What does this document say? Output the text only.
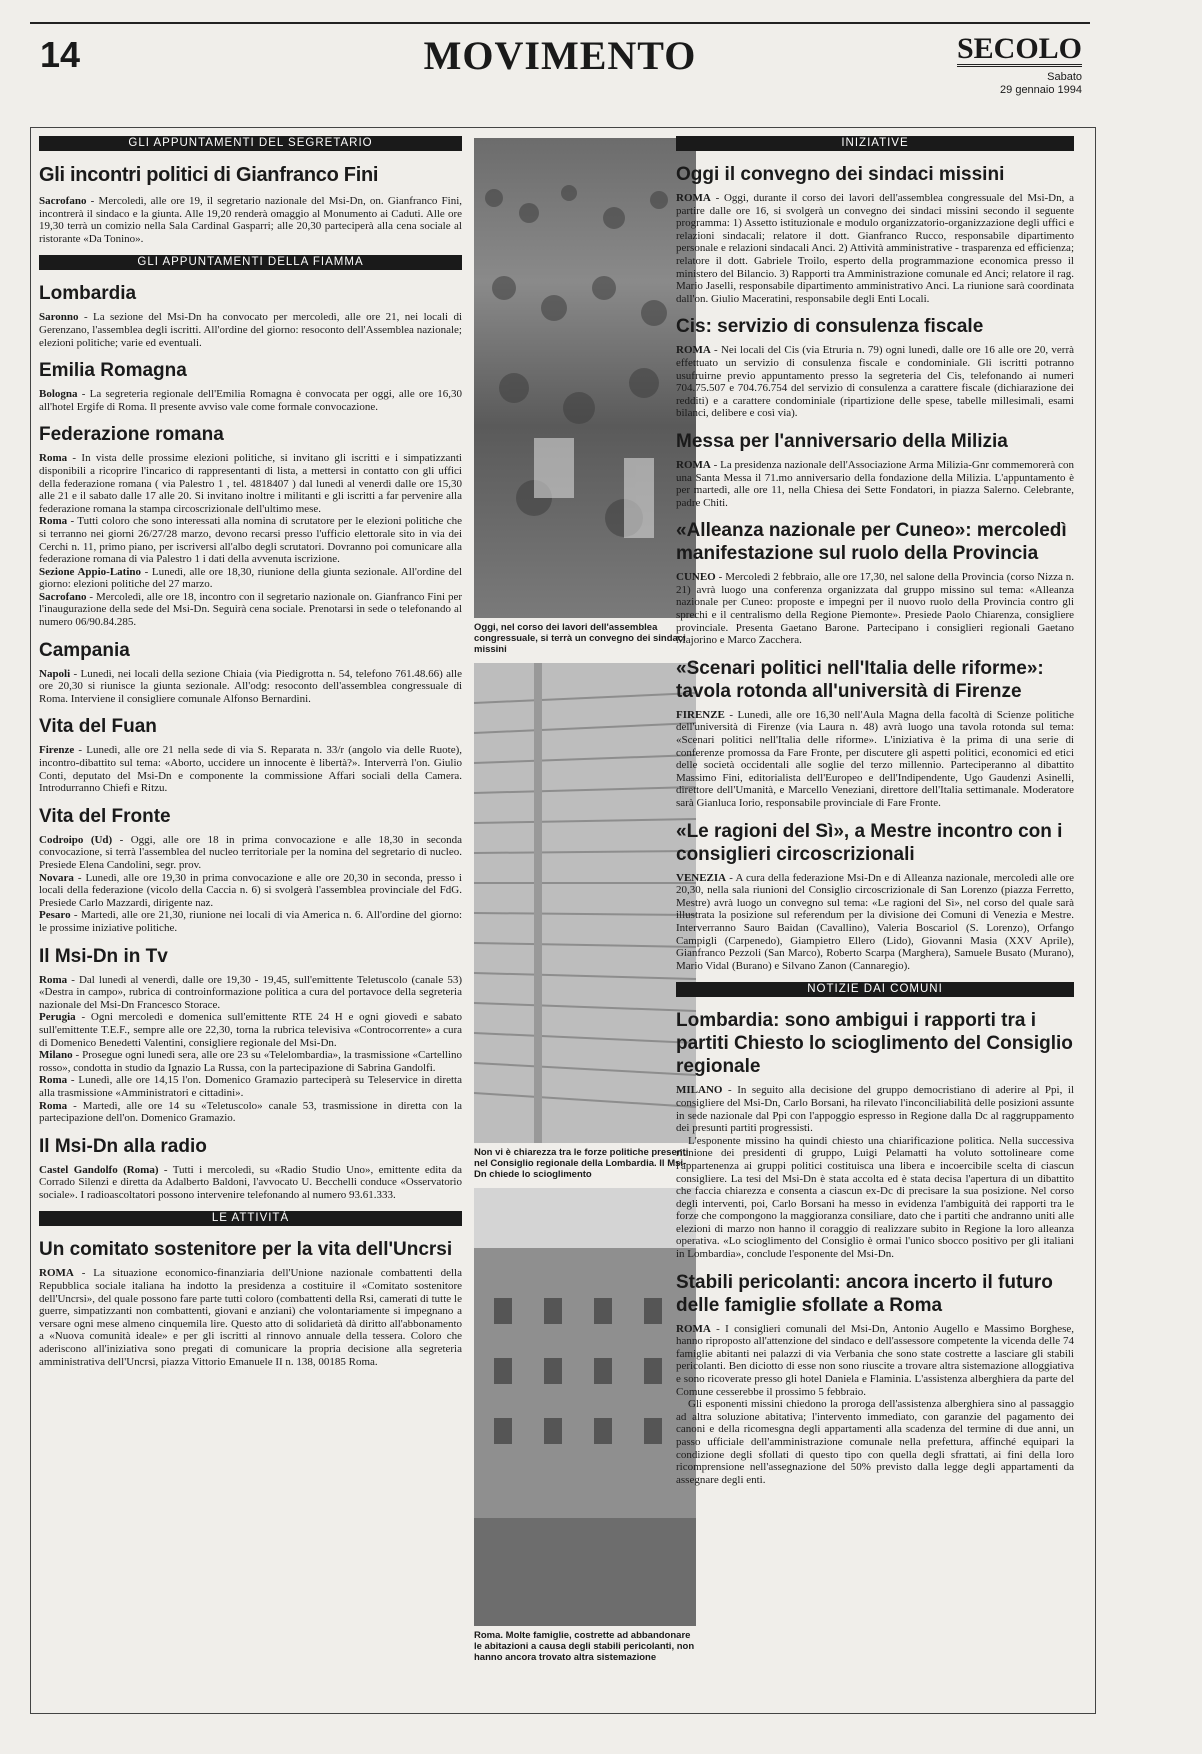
14	MOVIMENTO	SECOLO
Sabato
29 gennaio 1994
GLI APPUNTAMENTI DEL SEGRETARIO
Gli incontri politici di Gianfranco Fini

Sacrofano - Mercoledì, alle ore 19, il segretario nazionale del Msi-Dn, on. Gianfranco Fini, incontrerà il sindaco e la giunta. Alle 19,20 renderà omaggio al Monumento ai Caduti. Alle ore 19,30 terrà un comizio nella Sala Cardinal Gasparri; alle 20,30 parteciperà alla cena sociale al ristorante «Da Tonino».

GLI APPUNTAMENTI DELLA FIAMMA
Lombardia

Saronno - La sezione del Msi-Dn ha convocato per mercoledì, alle ore 21, nei locali di Gerenzano, l'assemblea degli iscritti. All'ordine del giorno: resoconto dell'Assemblea nazionale; elezioni politiche; varie ed eventuali.

Emilia Romagna

Bologna - La segreteria regionale dell'Emilia Romagna è convocata per oggi, alle ore 16,30 all'hotel Ergife di Roma. Il presente avviso vale come formale convocazione.

Federazione romana

Roma - In vista delle prossime elezioni politiche, si invitano gli iscritti e i simpatizzanti disponibili a ricoprire l'incarico di rappresentanti di lista, a mettersi in contatto con gli uffici della federazione romana ( via Palestro 1 , tel. 4818407 ) dal lunedì al venerdì dalle ore 15,30 alle 21 e il sabato dalle 17 alle 20. Si invitano inoltre i militanti e gli iscritti a far pervenire alla federazione romana la stampa circoscrizionale dell'ultimo mese.

Roma - Tutti coloro che sono interessati alla nomina di scrutatore per le elezioni politiche che si terranno nei giorni 26/27/28 marzo, devono recarsi presso l'ufficio elettorale sito in via dei Cerchi n. 11, primo piano, per iscriversi all'albo degli scrutatori. Dovranno poi comunicare alla federazione romana di via Palestro 1 i dati della avvenuta iscrizione.

Sezione Appio-Latino - Lunedì, alle ore 18,30, riunione della giunta sezionale. All'ordine del giorno: elezioni politiche del 27 marzo.

Sacrofano - Mercoledì, alle ore 18, incontro con il segretario nazionale on. Gianfranco Fini per l'inaugurazione della sede del Msi-Dn. Seguirà cena sociale. Prenotarsi in sede o telefonando al numero 06/90.84.285.

Campania

Napoli - Lunedì, nei locali della sezione Chiaia (via Piedigrotta n. 54, telefono 761.48.66) alle ore 20,30 si riunisce la giunta sezionale. All'odg: resoconto dell'assemblea congressuale di Roma. Interviene il consigliere comunale Alfonso Bernardini.

Vita del Fuan

Firenze - Lunedì, alle ore 21 nella sede di via S. Reparata n. 33/r (angolo via delle Ruote), incontro-dibattito sul tema: «Aborto, uccidere un innocente è libertà?». Interverrà l'on. Giulio Conti, deputato del Msi-Dn e componente la commissione Affari sociali della Camera. Introdurranno Chiefi e Ritzu.

Vita del Fronte

Codroipo (Ud) - Oggi, alle ore 18 in prima convocazione e alle 18,30 in seconda convocazione, si terrà l'assemblea del nucleo territoriale per la nomina del segretario di nucleo. Presiede Elena Candolini, segr. prov.

Novara - Lunedì, alle ore 19,30 in prima convocazione e alle ore 20,30 in seconda, presso i locali della federazione (vicolo della Caccia n. 6) si svolgerà l'assemblea provinciale del FdG. Presiede Carlo Mazzardi, dirigente naz.

Pesaro - Martedì, alle ore 21,30, riunione nei locali di via America n. 6. All'ordine del giorno: le prossime iniziative politiche.

Il Msi-Dn in Tv

Roma - Dal lunedì al venerdì, dalle ore 19,30 - 19,45, sull'emittente Teletuscolo (canale 53) «Destra in campo», rubrica di controinformazione politica a cura del portavoce della segreteria nazionale del Msi-Dn Francesco Storace.

Perugia - Ogni mercoledì e domenica sull'emittente RTE 24 H e ogni giovedì e sabato sull'emittente T.E.F., sempre alle ore 22,30, torna la rubrica televisiva «Controcorrente» a cura di Domenico Benedetti Valentini, consigliere regionale del Msi-Dn.

Milano - Prosegue ogni lunedì sera, alle ore 23 su «Telelombardia», la trasmissione «Cartellino rosso», condotta in studio da Ignazio La Russa, con la partecipazione di Sabrina Gandolfi.

Roma - Lunedì, alle ore 14,15 l'on. Domenico Gramazio parteciperà su Teleservice in diretta alla trasmissione «Amministratori e cittadini».

Roma - Martedì, alle ore 14 su «Teletuscolo» canale 53, trasmissione in diretta con la partecipazione dell'on. Domenico Gramazio.

Il Msi-Dn alla radio

Castel Gandolfo (Roma) - Tutti i mercoledì, su «Radio Studio Uno», emittente edita da Corrado Silenzi e diretta da Adalberto Baldoni, l'avvocato U. Becchelli conduce «Osservatorio sociale». I radioascoltatori possono intervenire telefonando al numero 93.61.333.

LE ATTIVITÀ
Un comitato sostenitore per la vita dell'Uncrsi

ROMA - La situazione economico-finanziaria dell'Unione nazionale combattenti della Repubblica sociale italiana ha indotto la presidenza a costituire il «Comitato sostenitore dell'Uncrsi», del quale possono fare parte tutti coloro (combattenti della Rsi, camerati di tutte le guerre, simpatizzanti non combattenti, giovani e anziani) che volontariamente si impegnano a versare ogni mese almeno cinquemila lire. Questo atto di solidarietà dà diritto all'abbonamento a «Nuova comunità ideale» e per gli iscritti al rinnovo annuale della tessera. Coloro che aderiscono all'iniziativa sono pregati di comunicare la propria decisione alla segreteria amministrativa dell'Uncrsi, piazza Vittorio Emanuele II n. 138, 00185 Roma.

Oggi, nel corso dei lavori dell'assemblea congressuale, si terrà un convegno dei sindaci missini
Non vi è chiarezza tra le forze politiche presenti nel Consiglio regionale della Lombardia. Il Msi-Dn chiede lo scioglimento
Roma. Molte famiglie, costrette ad abbandonare le abitazioni a causa degli stabili pericolanti, non hanno ancora trovato altra sistemazione
INIZIATIVE
Oggi il convegno dei sindaci missini

ROMA - Oggi, durante il corso dei lavori dell'assemblea congressuale del Msi-Dn, a partire dalle ore 16, si svolgerà un convegno dei sindaci missini secondo il seguente programma: 1) Assetto istituzionale e modulo organizzatorio-organizzazione degli uffici e relazioni sindacali; relatore il dott. Gianfranco Rucco, responsabile dipartimento personale e relazioni sindacali Anci. 2) Attività amministrative - trasparenza ed efficienza; relatore il dott. Gabriele Troilo, esperto della programmazione economica presso il ministero del Bilancio. 3) Rapporti tra Amministrazione comunale ed Anci; relatore il rag. Mario Jaselli, responsabile dipartimento amministrativo Anci. La riunione sarà coordinata dall'on. Giulio Maceratini, responsabile degli Enti Locali.

Cis: servizio di consulenza fiscale

ROMA - Nei locali del Cis (via Etruria n. 79) ogni lunedì, dalle ore 16 alle ore 20, verrà effettuato un servizio di consulenza fiscale e condominiale. Gli iscritti potranno usufruirne previo appuntamento presso la segreteria del Cis, telefonando ai numeri 704.75.507 e 704.76.754 del servizio di consulenza a carattere fiscale (dichiarazione dei redditi) e a carattere condominiale (ripartizione delle spese, tabelle millesimali, esami bilanci, delibere e così via).

Messa per l'anniversario della Milizia

ROMA - La presidenza nazionale dell'Associazione Arma Milizia-Gnr commemorerà con una Santa Messa il 71.mo anniversario della fondazione della Milizia. L'appuntamento è per martedì, alle ore 11, nella Chiesa dei Sette Fondatori, in piazza Salerno. Celebrante, padre Chiti.

«Alleanza nazionale per Cuneo»: mercoledì manifestazione sul ruolo della Provincia

CUNEO - Mercoledì 2 febbraio, alle ore 17,30, nel salone della Provincia (corso Nizza n. 21) avrà luogo una conferenza organizzata dal gruppo missino sul tema: «Alleanza nazionale per Cuneo: proposte e impegni per il nuovo ruolo della Provincia contro gli sprechi e il centralismo della Regione Piemonte». Presiede Paolo Chiarenza, consigliere provinciale. Presenta Gaetano Barone. Partecipano i consiglieri regionali Gaetano Majorino e Marco Zacchera.

«Scenari politici nell'Italia delle riforme»: tavola rotonda all'università di Firenze

FIRENZE - Lunedì, alle ore 16,30 nell'Aula Magna della facoltà di Scienze politiche dell'università di Firenze (via Laura n. 48) avrà luogo una tavola rotonda sul tema: «Scenari politici nell'Italia delle riforme». L'iniziativa è la prima di una serie di conferenze promossa da Fare Fronte, per discutere gli aspetti politici, economici ed etici delle società occidentali alle soglie del terzo millennio. Parteciperanno al dibattito Massimo Fini, editorialista dell'Europeo e dell'Indipendente, Ugo Gaudenzi Asinelli, direttore dell'Umanità, e Marcello Veneziani, direttore dell'Italia settimanale. Moderatore sarà Gianluca Iorio, responsabile provinciale di Fare Fronte.

«Le ragioni del Sì», a Mestre incontro con i consiglieri circoscrizionali

VENEZIA - A cura della federazione Msi-Dn e di Alleanza nazionale, mercoledì alle ore 20,30, nella sala riunioni del Consiglio circoscrizionale di San Lorenzo (piazza Ferretto, Mestre) avrà luogo un convegno sul tema: «Le ragioni del Sì», nel corso del quale sarà illustrata la posizione sul referendum per la divisione dei Comuni di Venezia e Mestre. Interverranno Sauro Baidan (Cavallino), Valeria Boscariol (S. Lorenzo), Orfango Campigli (Carpenedo), Giampietro Ellero (Lido), Giovanni Masia (XXV Aprile), Gianfranco Pezzoli (San Marco), Roberto Scarpa (Marghera), Samuele Busato (Murano), Mario Vidal (Burano) e Silvano Zanon (Cannaregio).

NOTIZIE DAI COMUNI
Lombardia: sono ambigui i rapporti tra i partiti Chiesto lo scioglimento del Consiglio regionale

MILANO - In seguito alla decisione del gruppo democristiano di aderire al Ppi, il consigliere del Msi-Dn, Carlo Borsani, ha rilevato l'inconciliabilità delle posizioni assunte in sede nazionale dal Ppi con l'appoggio espresso in Regione dalla Dc al raggruppamento dei presunti partiti progressisti.

L'esponente missino ha quindi chiesto una chiarificazione politica. Nella successiva riunione dei presidenti di gruppo, Luigi Pelamatti ha voluto sottolineare come l'appartenenza ai gruppi politici costituisca una libera e incoercibile scelta di ciascun consigliere. La tesi del Msi-Dn è stata accolta ed è stata decisa l'apertura di un dibattito che faccia chiarezza e consenta a ciascun ex-Dc di precisare la sua posizione. Nel corso degli interventi, poi, Carlo Borsani ha messo in evidenza l'ambiguità dei rapporti tra le forze che compongono la maggioranza consiliare, dato che i partiti che andranno uniti alle elezioni di marzo non hanno il coraggio di realizzare subito in Regione la loro alleanza operativa. «Lo scioglimento del Consiglio è ormai l'unico sbocco positivo per gli italiani in Lombardia», conclude l'esponente del Msi-Dn.

Stabili pericolanti: ancora incerto il futuro delle famiglie sfollate a Roma

ROMA - I consiglieri comunali del Msi-Dn, Antonio Augello e Massimo Borghese, hanno riproposto all'attenzione del sindaco e dell'assessore competente la vicenda delle 74 famiglie abitanti nei palazzi di via Verbania che sono state costrette a lasciare gli stabili pericolanti. Ben diciotto di esse non sono riuscite a trovare altra sistemazione alloggiativa e sono ricoverate presso gli hotel Daniela e Flaminia. L'assistenza alberghiera da parte del Comune cesserebbe il prossimo 5 febbraio.

Gli esponenti missini chiedono la proroga dell'assistenza alberghiera sino al passaggio ad altra soluzione abitativa; l'intervento immediato, con garanzie del pagamento dei canoni e della ricomesgna degli appartamenti alla scadenza del termine di due anni, un passo ufficiale dell'amministrazione comunale nella prefettura, affinché equipari la condizione degli sfollati di questo tipo con quella degli sfrattati, ai fini della loro ricomprensione nell'assegnazione del 50% previsto dalla legge degli appartamenti da assegnare degli enti.
